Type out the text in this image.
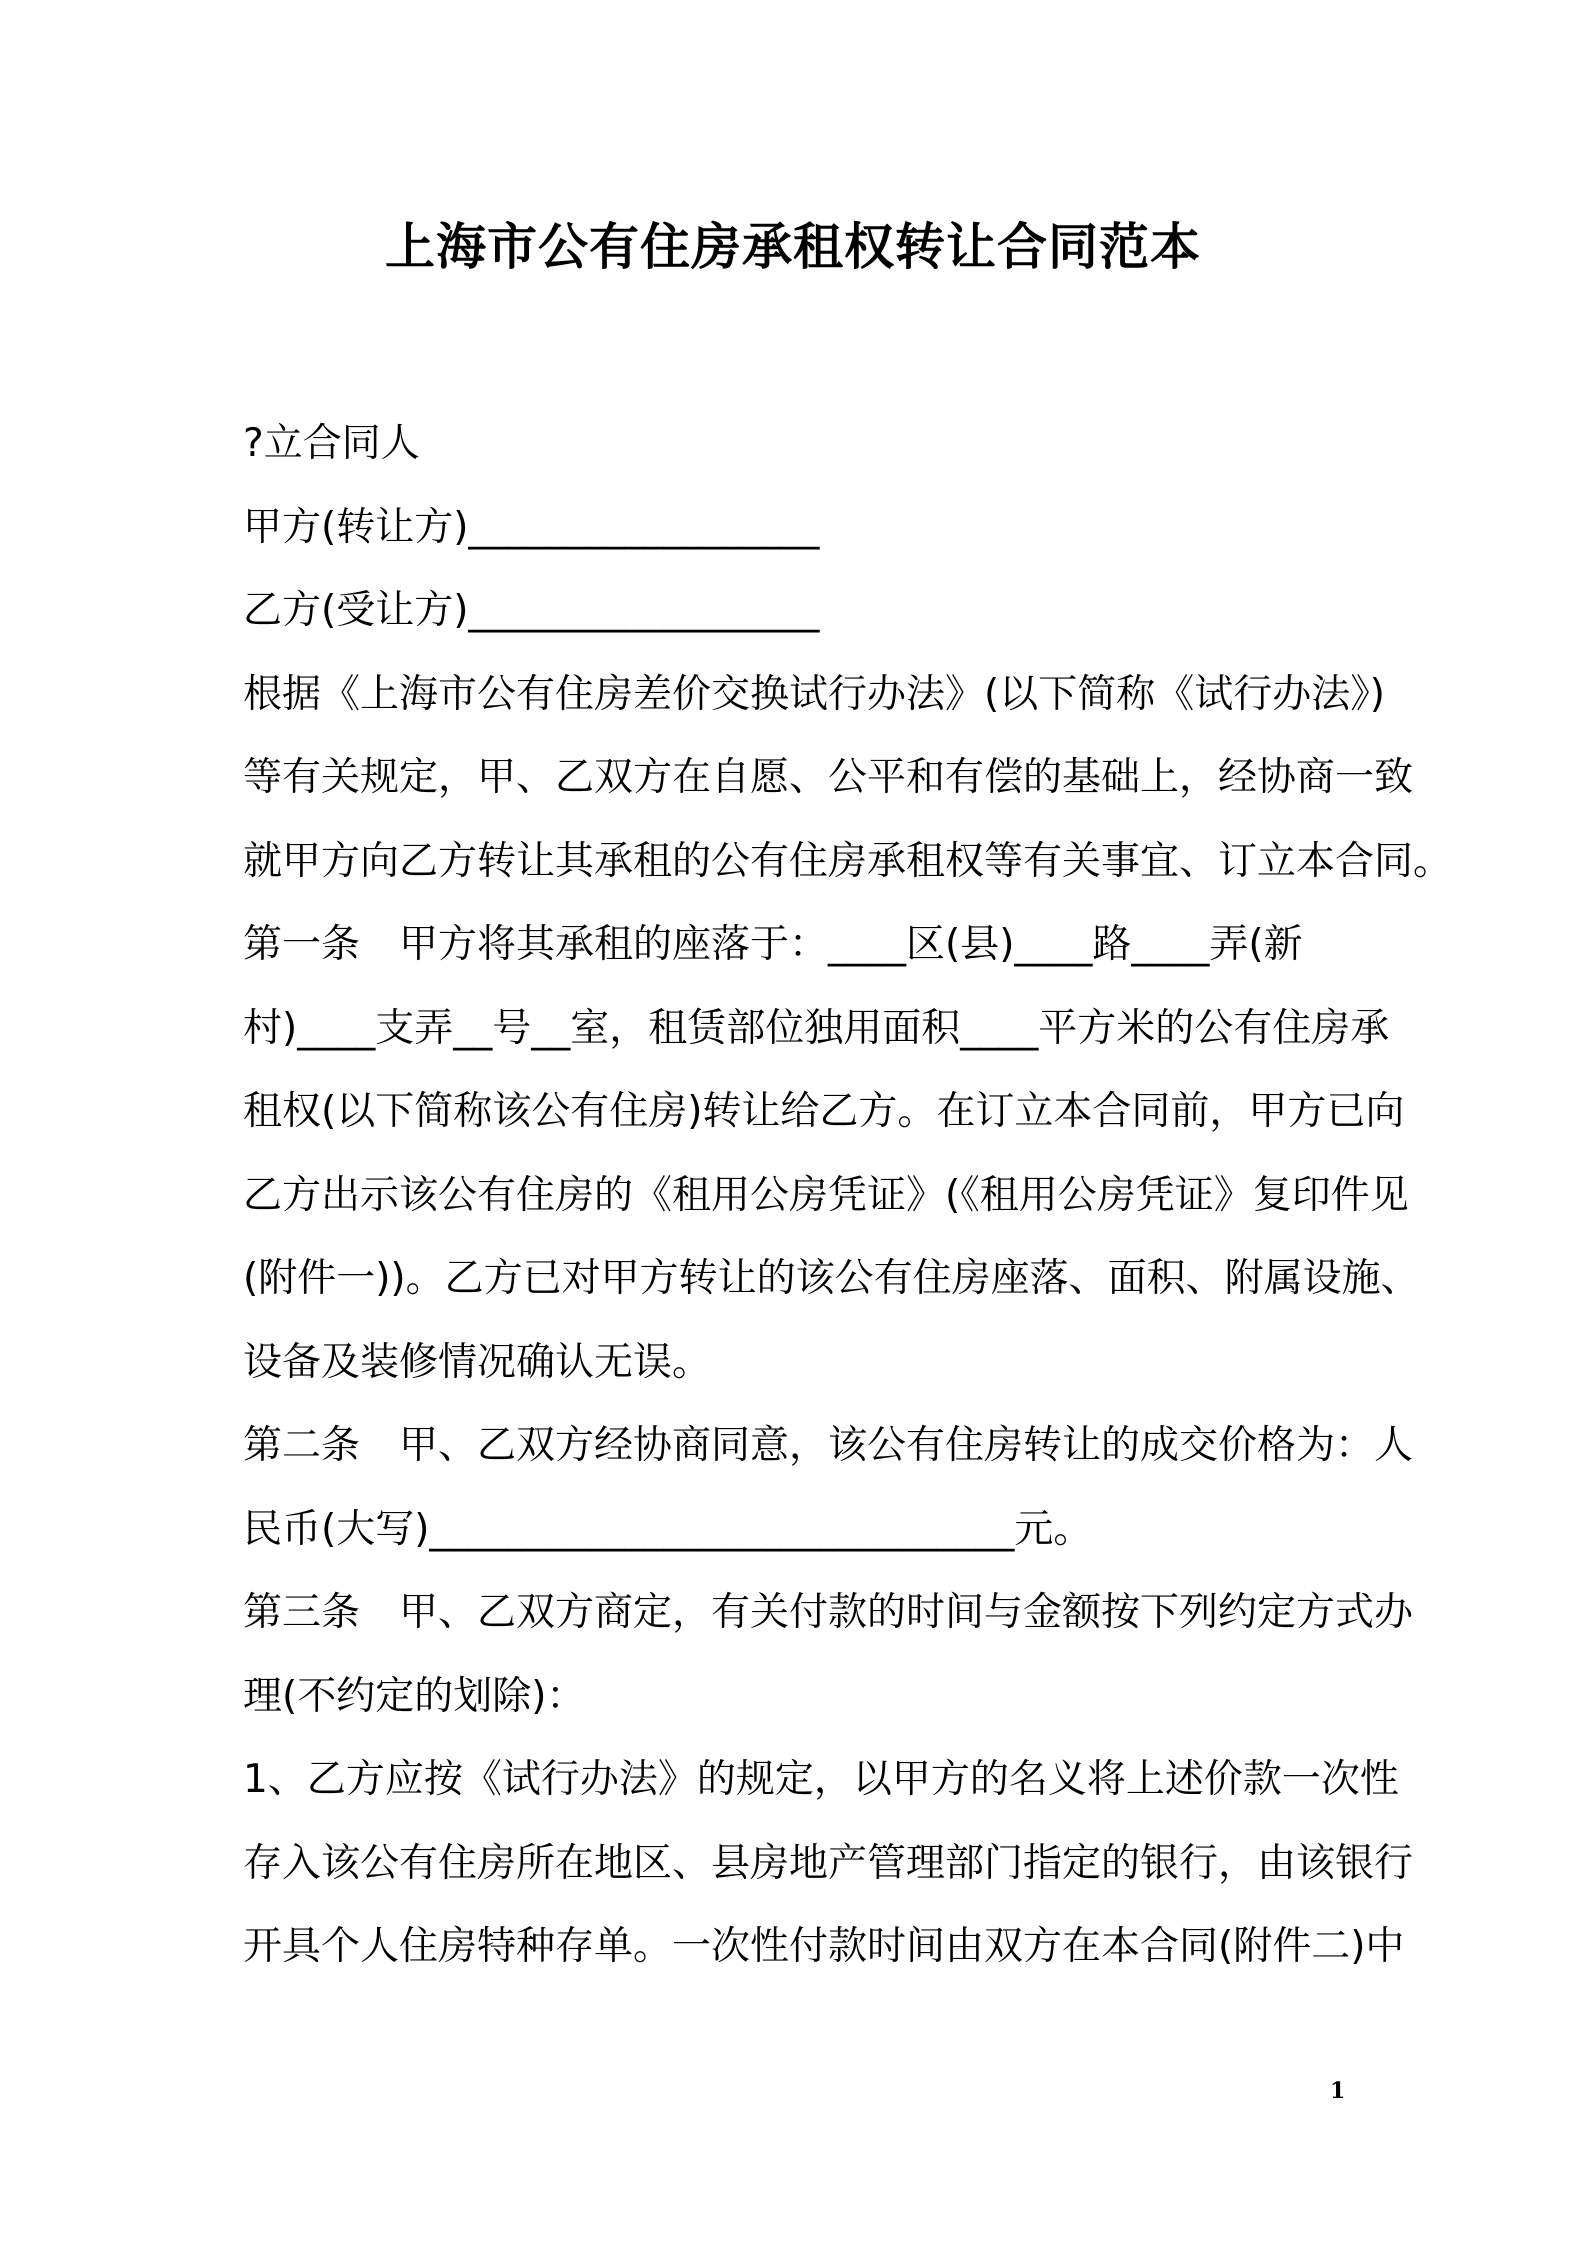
上海市公有住房承租权转让合同范本

?立合同人

甲方(转让方)__________________

乙方(受让方)__________________

根据《上海市公有住房差价交换试行办法》(以下简称《试行办法》)

等有关规定，甲、乙双方在自愿、公平和有偿的基础上，经协商一致

就甲方向乙方转让其承租的公有住房承租权等有关事宜、订立本合同。

第一条　甲方将其承租的座落于：____区(县)____路____弄(新

村)____支弄__号__室，租赁部位独用面积____平方米的公有住房承

租权(以下简称该公有住房)转让给乙方。在订立本合同前，甲方已向

乙方出示该公有住房的《租用公房凭证》(《租用公房凭证》复印件见

(附件一))。乙方已对甲方转让的该公有住房座落、面积、附属设施、

设备及装修情况确认无误。

第二条　甲、乙双方经协商同意，该公有住房转让的成交价格为：人

民币(大写)______________________________元。

第三条　甲、乙双方商定，有关付款的时间与金额按下列约定方式办

理(不约定的划除)：

1、乙方应按《试行办法》的规定，以甲方的名义将上述价款一次性

存入该公有住房所在地区、县房地产管理部门指定的银行，由该银行

开具个人住房特种存单。一次性付款时间由双方在本合同(附件二)中

1
